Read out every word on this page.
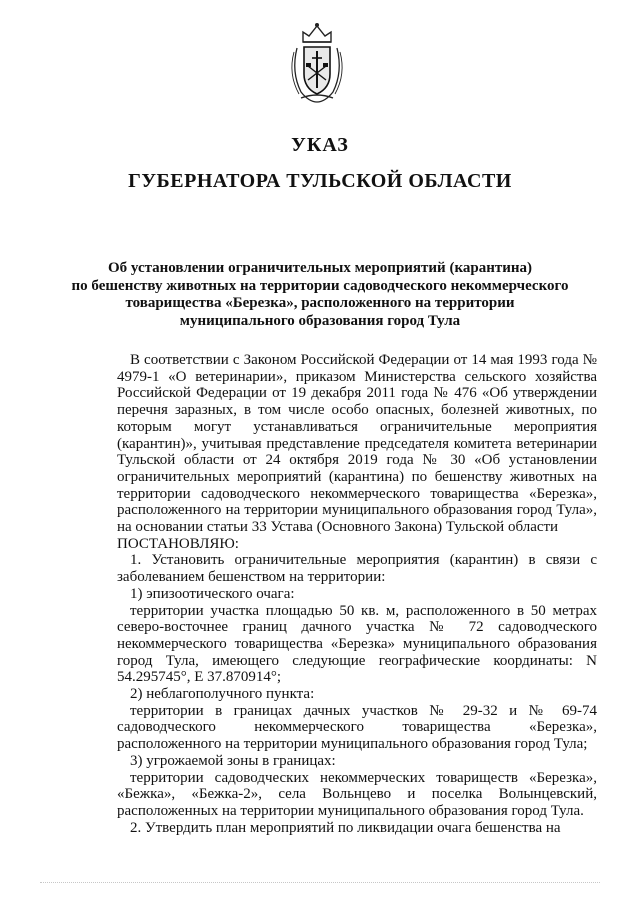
УКАЗ
ГУБЕРНАТОРА ТУЛЬСКОЙ ОБЛАСТИ
Об установлении ограничительных мероприятий (карантина)
по бешенству животных на территории садоводческого некоммерческого
товарищества «Березка», расположенного на территории
муниципального образования город Тула

В соответствии с Законом Российской Федерации от 14 мая 1993 года № 4979-1 «О ветеринарии», приказом Министерства сельского хозяйства Российской Федерации от 19 декабря 2011 года № 476 «Об утверждении перечня заразных, в том числе особо опасных, болезней животных, по которым могут устанавливаться ограничительные мероприятия (карантин)», учитывая представление председателя комитета ветеринарии Тульской области от 24 октября 2019 года № 30 «Об установлении ограничительных мероприятий (карантина) по бешенству животных на территории садоводческого некоммерческого товарищества «Березка», расположенного на территории муниципального образования город Тула», на основании статьи 33 Устава (Основного Закона) Тульской области

ПОСТАНОВЛЯЮ:

1. Установить ограничительные мероприятия (карантин) в связи с заболеванием бешенством на территории:

1) эпизоотического очага:

территории участка площадью 50 кв. м, расположенного в 50 метрах северо-восточнее границ дачного участка № 72 садоводческого некоммерческого товарищества «Березка» муниципального образования город Тула, имеющего следующие географические координаты: N 54.295745°, E 37.870914°;

2) неблагополучного пункта:

территории в границах дачных участков № 29-32 и № 69-74 садоводческого некоммерческого товарищества «Березка», расположенного на территории муниципального образования город Тула;

3) угрожаемой зоны в границах:

территории садоводческих некоммерческих товариществ «Березка», «Бежка», «Бежка-2», села Вольнцево и поселка Волынцевский, расположенных на территории муниципального образования город Тула.

2. Утвердить план мероприятий по ликвидации очага бешенства на
